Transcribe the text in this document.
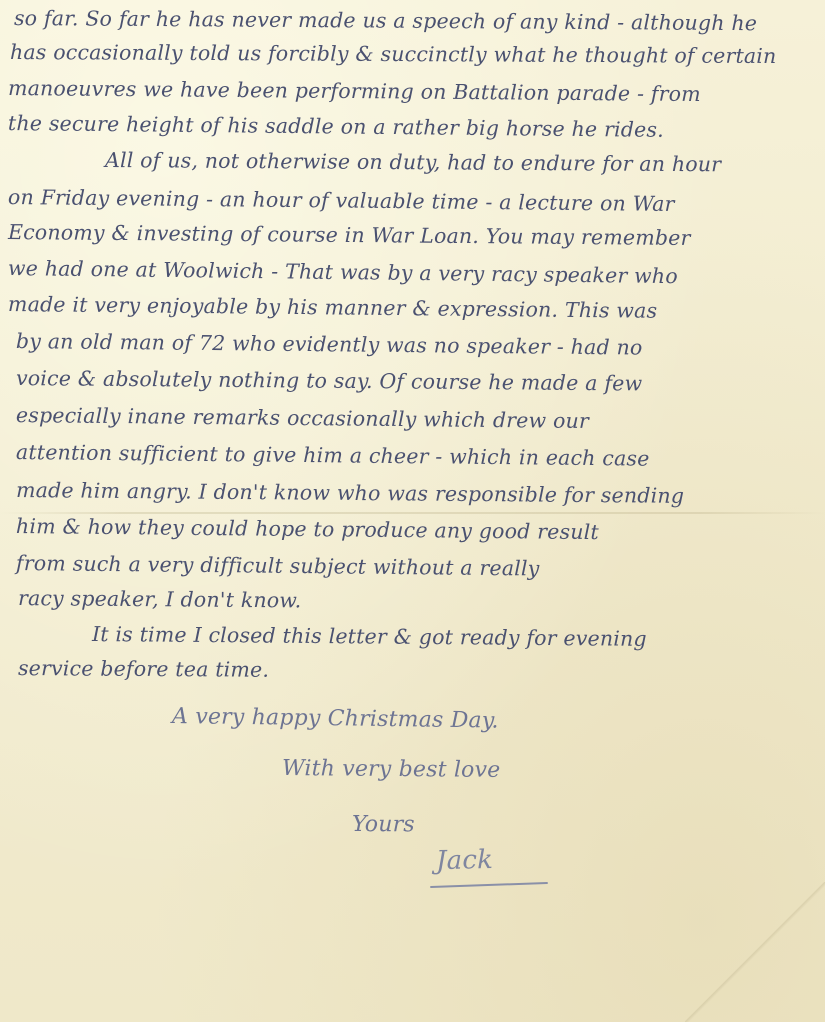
so far. So far he has never made us a speech of any kind - although he
has occasionally told us forcibly & succinctly what he thought of certain
manoeuvres we have been performing on Battalion parade - from
the secure height of his saddle on a rather big horse he rides.
All of us, not otherwise on duty, had to endure for an hour
on Friday evening - an hour of valuable time - a lecture on War
Economy & investing of course in War Loan. You may remember
we had one at Woolwich - That was by a very racy speaker who
made it very enjoyable by his manner & expression. This was
by an old man of 72 who evidently was no speaker - had no
voice & absolutely nothing to say. Of course he made a few
especially inane remarks occasionally which drew our
attention sufficient to give him a cheer - which in each case
made him angry. I don't know who was responsible for sending
him & how they could hope to produce any good result
from such a very difficult subject without a really
racy speaker, I don't know.
It is time I closed this letter & got ready for evening
service before tea time.
A very happy Christmas Day.
With very best love
Yours
Jack
